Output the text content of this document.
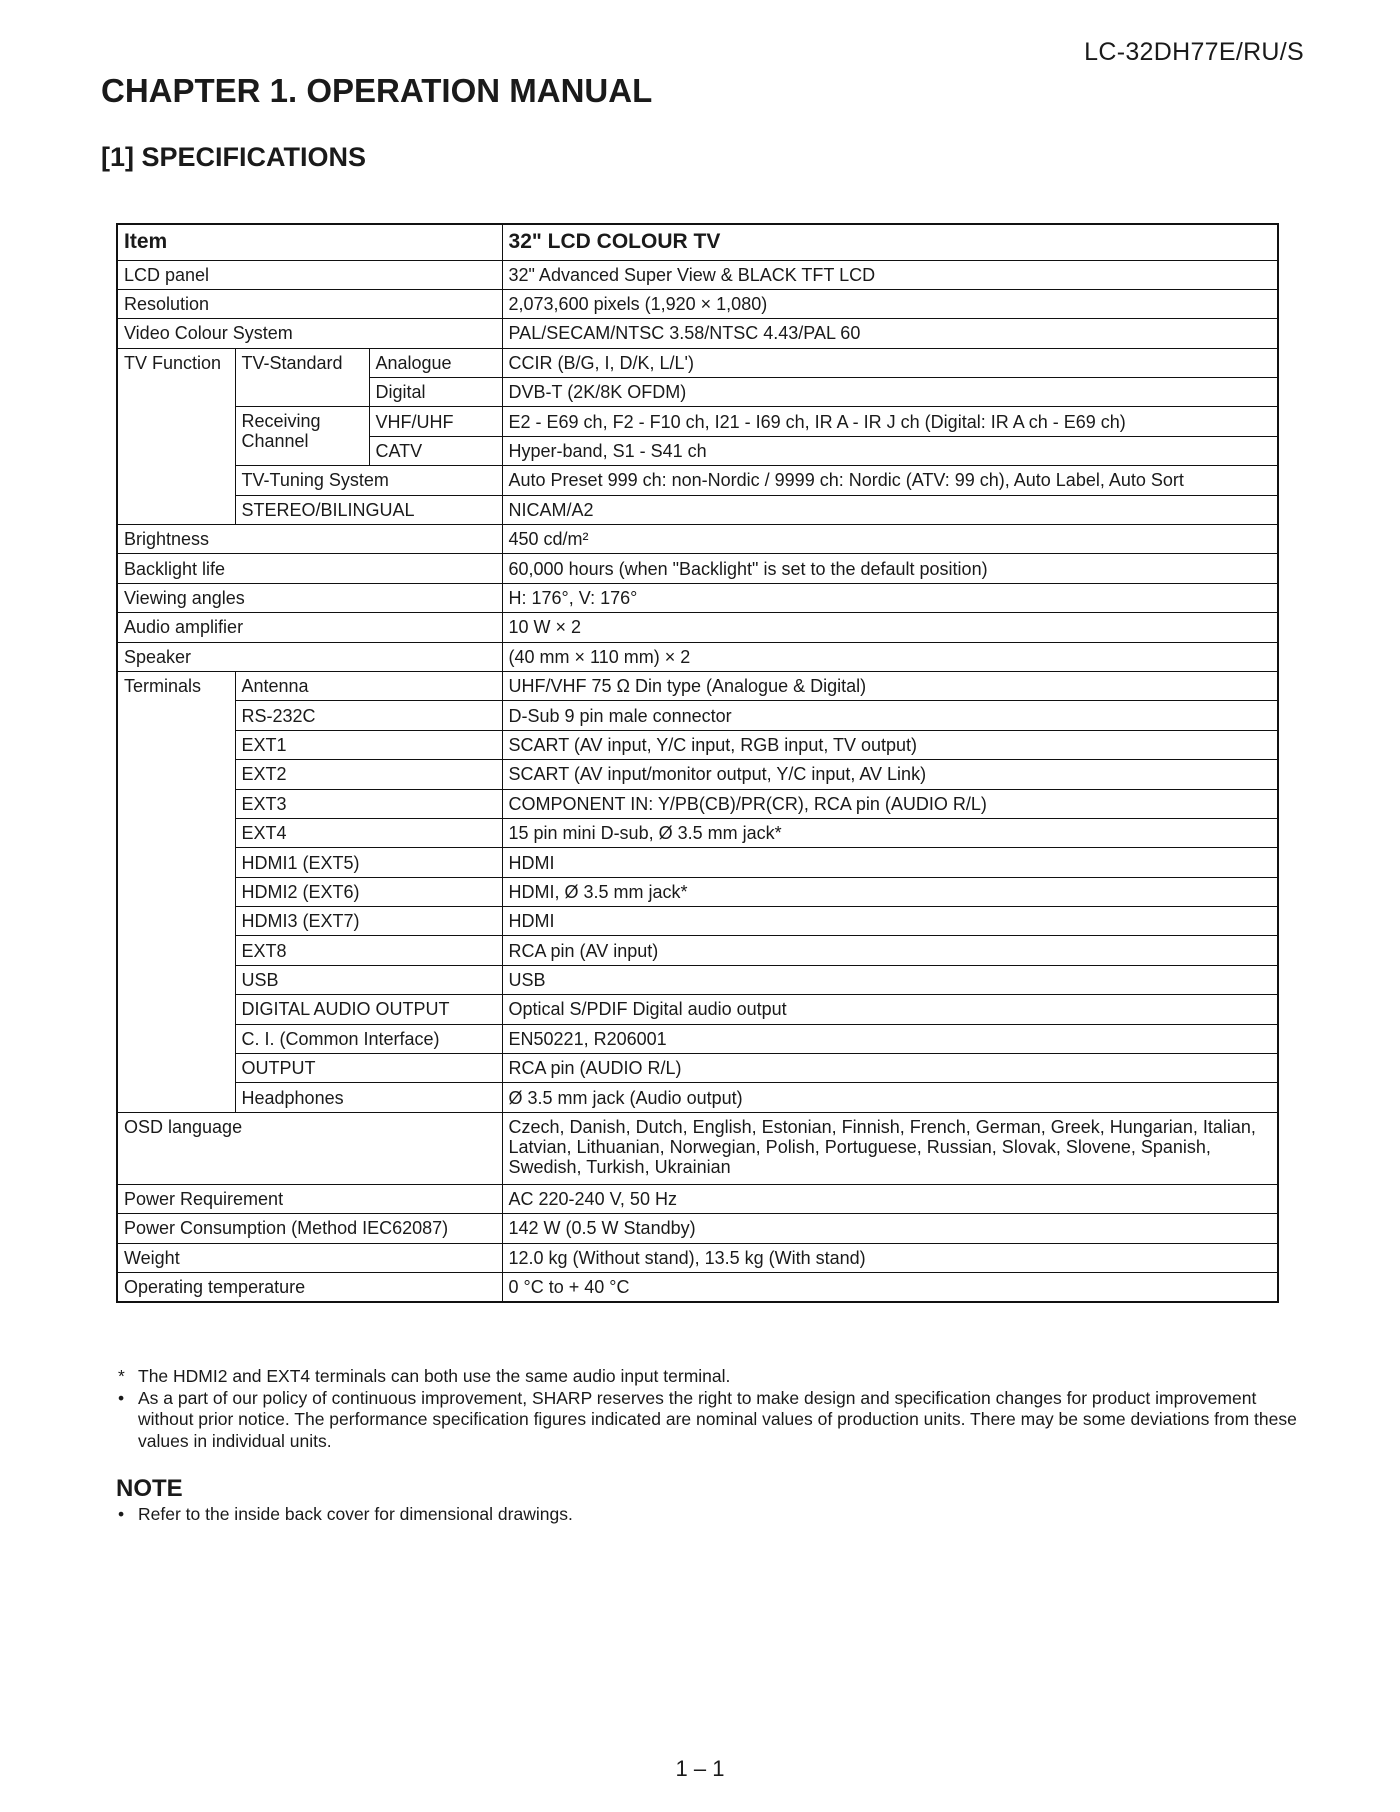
LC-32DH77E/RU/S
CHAPTER 1. OPERATION MANUAL
[1] SPECIFICATIONS
Item			32" LCD COLOUR TV
LCD panel			32" Advanced Super View & BLACK TFT LCD
Resolution			2,073,600 pixels (1,920 × 1,080)
Video Colour System			PAL/SECAM/NTSC 3.58/NTSC 4.43/PAL 60
TV Function	TV-Standard	Analogue	CCIR (B/G, I, D/K, L/L')
		Digital	DVB-T (2K/8K OFDM)
	Receiving Channel	VHF/UHF	E2 - E69 ch, F2 - F10 ch, I21 - I69 ch, IR A - IR J ch (Digital: IR A ch - E69 ch)
		CATV	Hyper-band, S1 - S41 ch
	TV-Tuning System		Auto Preset 999 ch: non-Nordic / 9999 ch: Nordic (ATV: 99 ch), Auto Label, Auto Sort
	STEREO/BILINGUAL		NICAM/A2
Brightness			450 cd/m²
Backlight life			60,000 hours (when "Backlight" is set to the default position)
Viewing angles			H: 176°, V: 176°
Audio amplifier			10 W × 2
Speaker			(40 mm × 110 mm) × 2
Terminals	Antenna		UHF/VHF 75 Ω Din type (Analogue & Digital)
	RS-232C		D-Sub 9 pin male connector
	EXT1		SCART (AV input, Y/C input, RGB input, TV output)
	EXT2		SCART (AV input/monitor output, Y/C input, AV Link)
	EXT3		COMPONENT IN: Y/PB(CB)/PR(CR), RCA pin (AUDIO R/L)
	EXT4		15 pin mini D-sub, Ø 3.5 mm jack*
	HDMI1 (EXT5)		HDMI
	HDMI2 (EXT6)		HDMI, Ø 3.5 mm jack*
	HDMI3 (EXT7)		HDMI
	EXT8		RCA pin (AV input)
	USB		USB
	DIGITAL AUDIO OUTPUT		Optical S/PDIF Digital audio output
	C. I. (Common Interface)		EN50221, R206001
	OUTPUT		RCA pin (AUDIO R/L)
	Headphones		Ø 3.5 mm jack (Audio output)
OSD language			Czech, Danish, Dutch, English, Estonian, Finnish, French, German, Greek, Hungarian, Italian, Latvian, Lithuanian, Norwegian, Polish, Portuguese, Russian, Slovak, Slovene, Spanish, Swedish, Turkish, Ukrainian
Power Requirement			AC 220-240 V, 50 Hz
Power Consumption (Method IEC62087)			142 W (0.5 W Standby)
Weight			12.0 kg (Without stand), 13.5 kg (With stand)
Operating temperature			0 °C to + 40 °C
* The HDMI2 and EXT4 terminals can both use the same audio input terminal.
• As a part of our policy of continuous improvement, SHARP reserves the right to make design and specification changes for product improvement without prior notice. The performance specification figures indicated are nominal values of production units. There may be some deviations from these values in individual units.
NOTE
• Refer to the inside back cover for dimensional drawings.
1 – 1
